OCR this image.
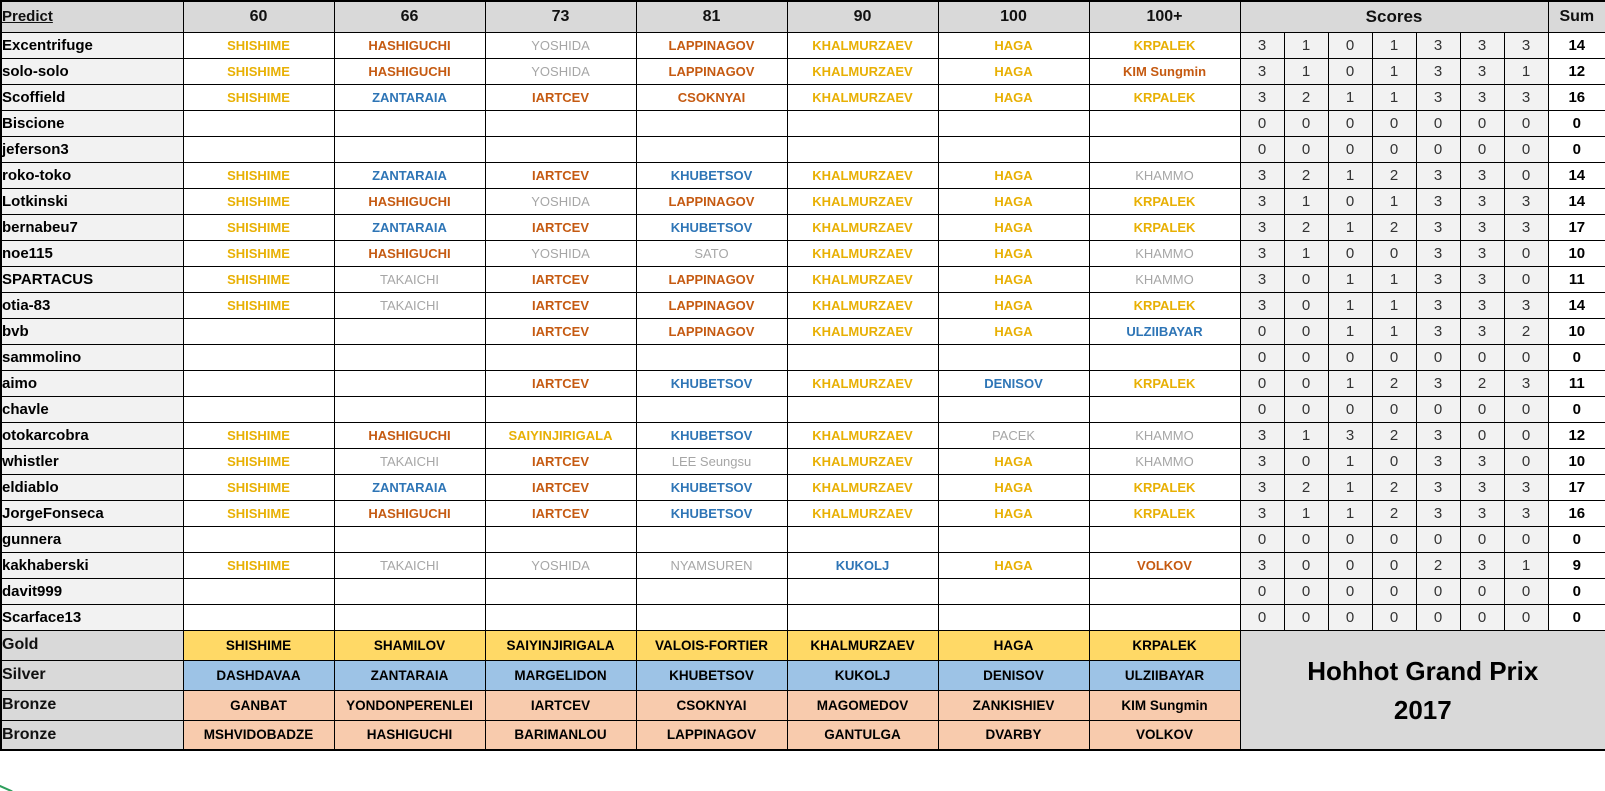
Predict	60	66	73	81	90	100	100+	Scores							Sum
Excentrifuge	SHISHIME	HASHIGUCHI	YOSHIDA	LAPPINAGOV	KHALMURZAEV	HAGA	KRPALEK	3	1	0	1	3	3	3	14
solo-solo	SHISHIME	HASHIGUCHI	YOSHIDA	LAPPINAGOV	KHALMURZAEV	HAGA	KIM Sungmin	3	1	0	1	3	3	1	12
Scoffield	SHISHIME	ZANTARAIA	IARTCEV	CSOKNYAI	KHALMURZAEV	HAGA	KRPALEK	3	2	1	1	3	3	3	16
Biscione								0	0	0	0	0	0	0	0
jeferson3								0	0	0	0	0	0	0	0
roko-toko	SHISHIME	ZANTARAIA	IARTCEV	KHUBETSOV	KHALMURZAEV	HAGA	KHAMMO	3	2	1	2	3	3	0	14
Lotkinski	SHISHIME	HASHIGUCHI	YOSHIDA	LAPPINAGOV	KHALMURZAEV	HAGA	KRPALEK	3	1	0	1	3	3	3	14
bernabeu7	SHISHIME	ZANTARAIA	IARTCEV	KHUBETSOV	KHALMURZAEV	HAGA	KRPALEK	3	2	1	2	3	3	3	17
noe115	SHISHIME	HASHIGUCHI	YOSHIDA	SATO	KHALMURZAEV	HAGA	KHAMMO	3	1	0	0	3	3	0	10
SPARTACUS	SHISHIME	TAKAICHI	IARTCEV	LAPPINAGOV	KHALMURZAEV	HAGA	KHAMMO	3	0	1	1	3	3	0	11
otia-83	SHISHIME	TAKAICHI	IARTCEV	LAPPINAGOV	KHALMURZAEV	HAGA	KRPALEK	3	0	1	1	3	3	3	14
bvb			IARTCEV	LAPPINAGOV	KHALMURZAEV	HAGA	ULZIIBAYAR	0	0	1	1	3	3	2	10
sammolino								0	0	0	0	0	0	0	0
aimo			IARTCEV	KHUBETSOV	KHALMURZAEV	DENISOV	KRPALEK	0	0	1	2	3	2	3	11
chavle								0	0	0	0	0	0	0	0
otokarcobra	SHISHIME	HASHIGUCHI	SAIYINJIRIGALA	KHUBETSOV	KHALMURZAEV	PACEK	KHAMMO	3	1	3	2	3	0	0	12
whistler	SHISHIME	TAKAICHI	IARTCEV	LEE Seungsu	KHALMURZAEV	HAGA	KHAMMO	3	0	1	0	3	3	0	10
eldiablo	SHISHIME	ZANTARAIA	IARTCEV	KHUBETSOV	KHALMURZAEV	HAGA	KRPALEK	3	2	1	2	3	3	3	17
JorgeFonseca	SHISHIME	HASHIGUCHI	IARTCEV	KHUBETSOV	KHALMURZAEV	HAGA	KRPALEK	3	1	1	2	3	3	3	16
gunnera								0	0	0	0	0	0	0	0
kakhaberski	SHISHIME	TAKAICHI	YOSHIDA	NYAMSUREN	KUKOLJ	HAGA	VOLKOV	3	0	0	0	2	3	1	9
davit999								0	0	0	0	0	0	0	0
Scarface13								0	0	0	0	0	0	0	0
Gold	SHISHIME	SHAMILOV	SAIYINJIRIGALA	VALOIS-FORTIER	KHALMURZAEV	HAGA	KRPALEK	Hohhot Grand Prix
2017							

Silver	DASHDAVAA	ZANTARAIA	MARGELIDON	KHUBETSOV	KUKOLJ	DENISOV	ULZIIBAYAR								
Bronze	GANBAT	YONDONPERENLEI	IARTCEV	CSOKNYAI	MAGOMEDOV	ZANKISHIEV	KIM Sungmin								
Bronze	MSHVIDOBADZE	HASHIGUCHI	BARIMANLOU	LAPPINAGOV	GANTULGA	DVARBY	VOLKOV								
